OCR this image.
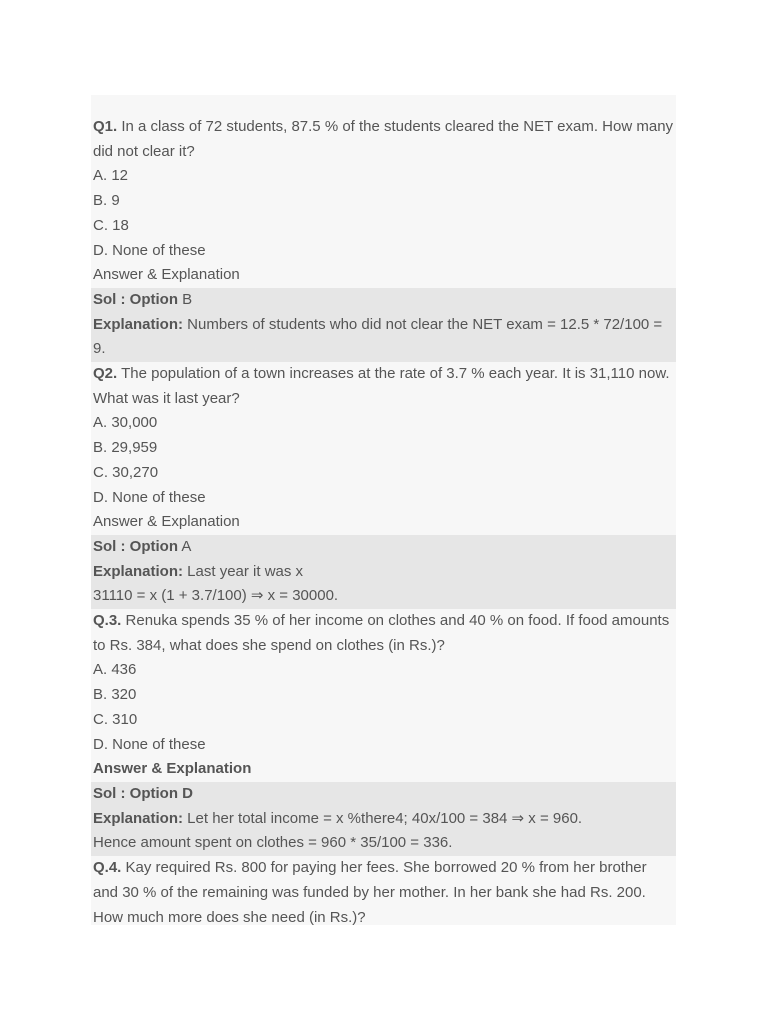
Q1. In a class of 72 students, 87.5 % of the students cleared the NET exam. How many did not clear it?
A. 12
B. 9
C. 18
D. None of these
Answer & Explanation
Sol : Option B
Explanation: Numbers of students who did not clear the NET exam = 12.5 * 72/100 = 9.
Q2. The population of a town increases at the rate of 3.7 % each year. It is 31,110 now. What was it last year?
A. 30,000
B. 29,959
C. 30,270
D. None of these
Answer & Explanation
Sol : Option A
Explanation: Last year it was x
31110 = x (1 + 3.7/100) ⇒ x = 30000.
Q.3. Renuka spends 35 % of her income on clothes and 40 % on food. If food amounts to Rs. 384, what does she spend on clothes (in Rs.)?
A. 436
B. 320
C. 310
D. None of these
Answer & Explanation
Sol : Option D
Explanation: Let her total income = x %there4; 40x/100 = 384 ⇒ x = 960.
Hence amount spent on clothes = 960 * 35/100 = 336.
Q.4. Kay required Rs. 800 for paying her fees. She borrowed 20 % from her brother and 30 % of the remaining was funded by her mother. In her bank she had Rs. 200. How much more does she need (in Rs.)?
